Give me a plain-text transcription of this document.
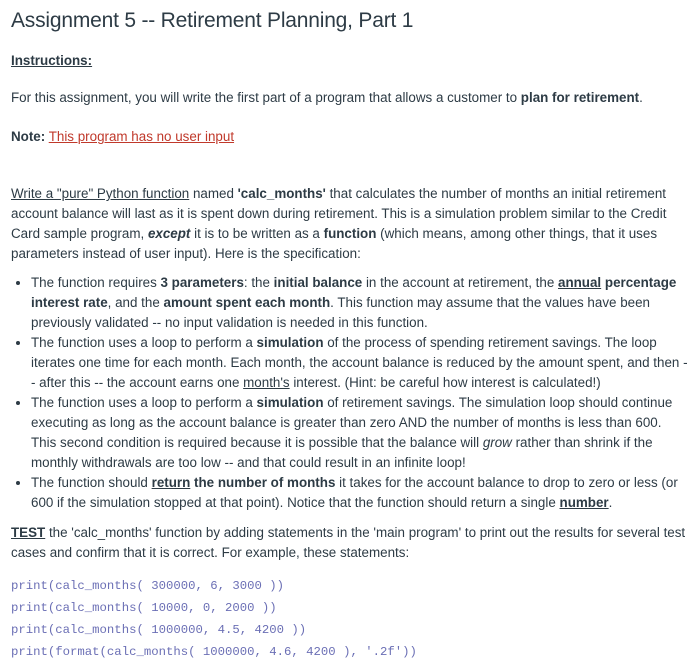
Assignment 5 -- Retirement Planning, Part 1
Instructions:

For this assignment, you will write the first part of a program that allows a customer to plan for retirement.

Note: This program has no user input

Write a "pure" Python function named 'calc_months' that calculates the number of months an initial retirement account balance will last as it is spent down during retirement. This is a simulation problem similar to the Credit Card sample program, except it is to be written as a function (which means, among other things, that it uses parameters instead of user input). Here is the specification:

• The function requires 3 parameters: the initial balance in the account at retirement, the annual percentage interest rate, and the amount spent each month. This function may assume that the values have been previously validated -- no input validation is needed in this function.
• The function uses a loop to perform a simulation of the process of spending retirement savings. The loop iterates one time for each month. Each month, the account balance is reduced by the amount spent, and then -- after this -- the account earns one month's interest. (Hint: be careful how interest is calculated!)
• The function uses a loop to perform a simulation of retirement savings. The simulation loop should continue executing as long as the account balance is greater than zero AND the number of months is less than 600. This second condition is required because it is possible that the balance will grow rather than shrink if the monthly withdrawals are too low -- and that could result in an infinite loop!
• The function should return the number of months it takes for the account balance to drop to zero or less (or 600 if the simulation stopped at that point). Notice that the function should return a single number.

TEST the 'calc_months' function by adding statements in the 'main program' to print out the results for several test cases and confirm that it is correct. For example, these statements:

print(calc_months( 300000, 6, 3000 ))
print(calc_months( 10000, 0, 2000 ))
print(calc_months( 1000000, 4.5, 4200 ))
print(format(calc_months( 1000000, 4.6, 4200 ), '.2f'))
